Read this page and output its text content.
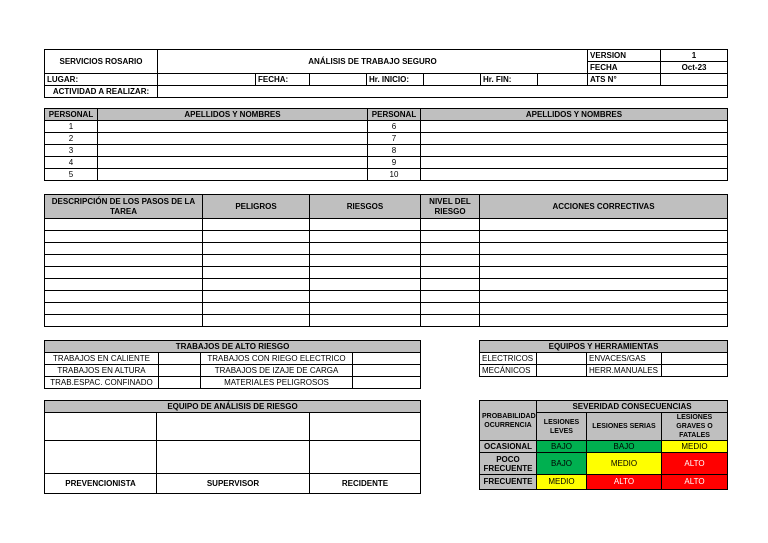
SERVICIOS ROSARIO	ANÁLISIS DE TRABAJO SEGURO							VERSION	1
								FECHA	Oct-23
LUGAR:		FECHA:		Hr. INICIO:		Hr. FIN:		ATS N°	
ACTIVIDAD A REALIZAR:									
PERSONAL	APELLIDOS Y NOMBRES	PERSONAL	APELLIDOS Y NOMBRES
1		6	
2		7	
3		8	
4		9	
5		10	
DESCRIPCIÓN DE LOS PASOS DE LA TAREA	PELIGROS	RIESGOS	NIVEL DEL RIESGO	ACCIONES CORRECTIVAS

TRABAJOS DE ALTO RIESGO			
TRABAJOS EN CALIENTE		TRABAJOS CON RIEGO ELECTRICO	
TRABAJOS EN ALTURA		TRABAJOS DE IZAJE DE CARGA	
TRAB.ESPAC. CONFINADO		MATERIALES PELIGROSOS	
EQUIPOS Y HERRAMIENTAS			
ELECTRICOS		ENVACES/GAS	
MECÁNICOS		HERR.MANUALES	
EQUIPO DE ANÁLISIS DE RIESGO		

PREVENCIONISTA	SUPERVISOR	RECIDENTE
PROBABILIDAD OCURRENCIA	SEVERIDAD CONSECUENCIAS		
	LESIONES LEVES	LESIONES SERIAS	LESIONES GRAVES O FATALES
OCASIONAL	BAJO	BAJO	MEDIO
POCO FRECUENTE	BAJO	MEDIO	ALTO
FRECUENTE	MEDIO	ALTO	ALTO
